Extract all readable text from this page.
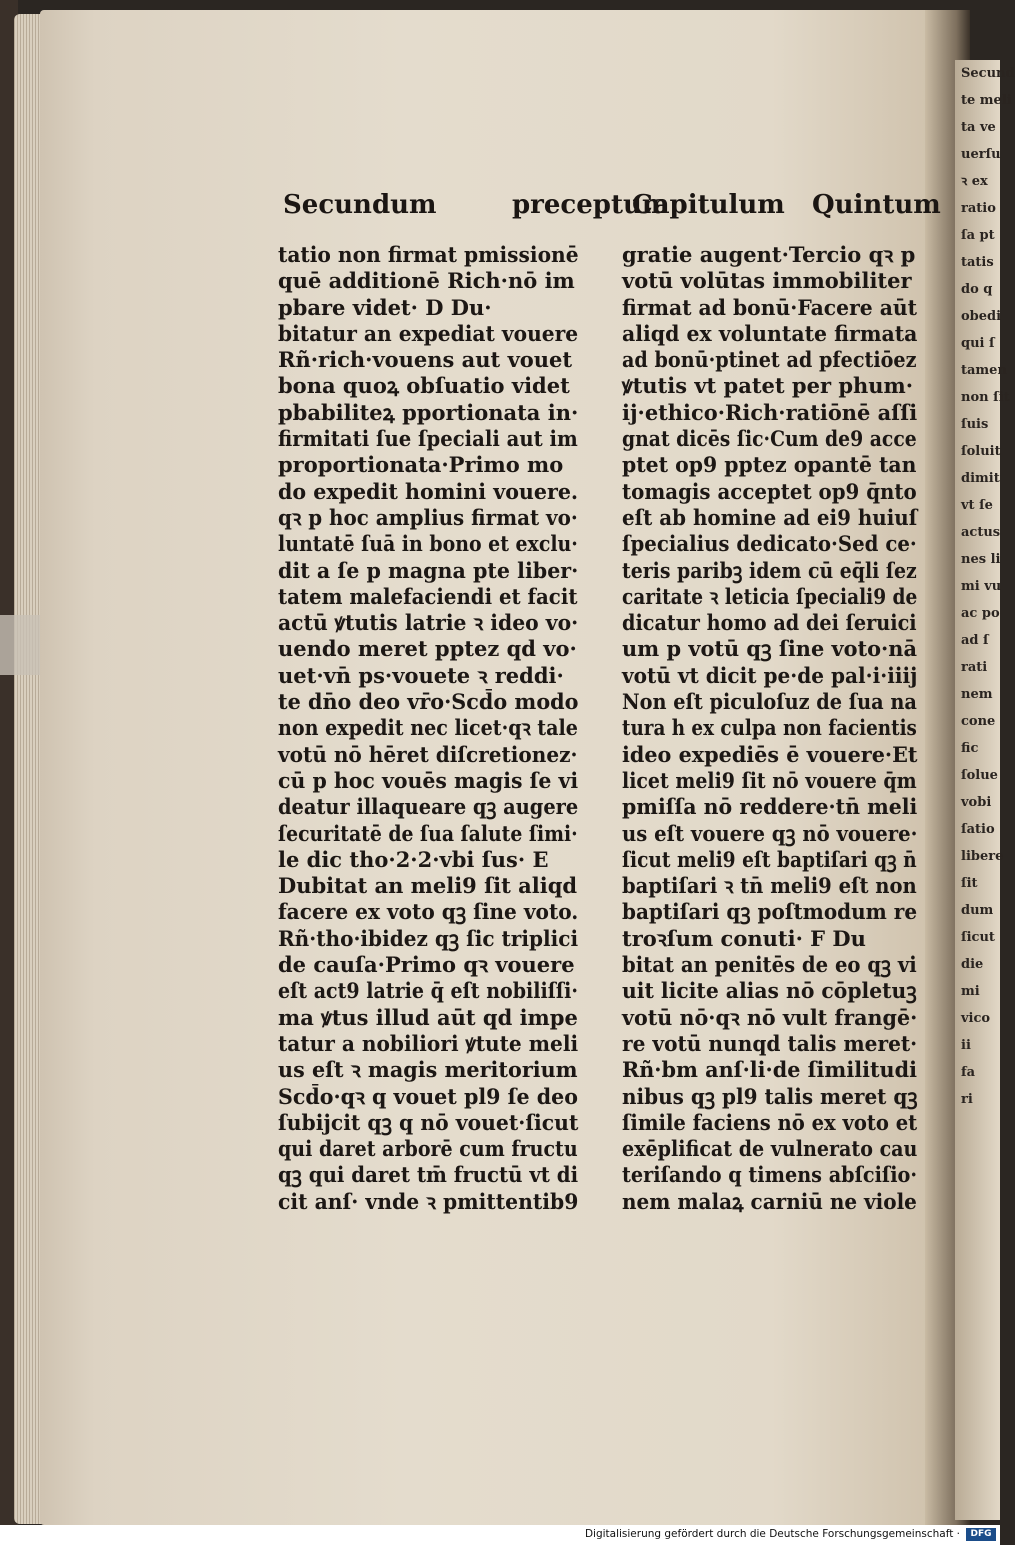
Secund
te meli
ta ve
uerſu
ꝛ ex
ratio
ſa pt
tatis
do q
obedi
qui ſ
tamen
non ſit
ſuis
ſoluit
dimit
vt ſe
actus
nes li
mi vu
ac po
ad ſ
rati
nem
cone
fic
ſolue
vobi
ſatio
libere
ſit
dum
ſicut
die
mi
vico
ii
fa
ri
Secundum	preceptum
Capitulum Quintum
tatio non firmat pmissionē
quē additionē Rich·nō im
pbare videt· D Du·
bitatur an expediat vouere
Rñ·rich·vouens aut vouet
bona quoꝝ obſuatio videt
pbabiliteꝝ pportionata in·
firmitati ſue ſpeciali aut im
proportionata·Primo mo
do expedit homini vouere.
qꝛ p hoc amplius firmat vo·
luntatē ſuā in bono et exclu·
dit a ſe p magna pte liber·
tatem malefaciendi et facit
actū ꝟtutis latrie ꝛ ideo vo·
uendo meret pptez qd vo·
uet·vn̄ ps·vouete ꝛ reddi·
te dn̄o deo vr̄o·Scd̄o modo
non expedit nec licet·qꝛ tale
votū nō hēret diſcretionez·
cū p hoc vouēs magis ſe vi
deatur illaqueare qꝫ augere
ſecuritatē de ſua ſalute ſimi·
le dic tho·2·2·vbi ſus· E
Dubitat an meli9 ſit aliqd
facere ex voto qꝫ ſine voto.
Rñ·tho·ibidez qꝫ ſic triplici
de cauſa·Primo qꝛ vouere
eſt act9 latrie q̄ eſt nobiliſſi·
ma ꝟtus illud aūt qd impe
tatur a nobiliori ꝟtute meli
us eſt ꝛ magis meritorium
Scd̄o·qꝛ q vouet pl9 ſe deo
ſubijcit qꝫ q nō vouet·ſicut
qui daret arborē cum fructu
qꝫ qui daret tm̄ fructū vt di
cit anſ· vnde ꝛ pmittentib9
gratie augent·Tercio qꝛ p
votū volūtas immobiliter
firmat ad bonū·Facere aūt
aliqd ex voluntate firmata
ad bonū·ptinet ad pfectiōez
ꝟtutis vt patet per phum·
ij·ethico·Rich·ratiōnē aſſi
gnat dicēs ſic·Cum de9 acce
ptet op9 pptez opantē tan
tomagis acceptet op9 q̄nto
eſt ab homine ad ei9 huiuſ
ſpecialius dedicato·Sed ce·
teris paribꝫ idem cū eq̄li ſez
caritate ꝛ leticia ſpeciali9 de
dicatur homo ad dei ſeruici
um p votū qꝫ ſine voto·nā
votū vt dicit pe·de pal·i·iiij
Non eſt piculoſuz de ſua na
tura h ex culpa non facientis
ideo expediēs ē vouere·Et
licet meli9 ſit nō vouere q̄m
pmiſſa nō reddere·tn̄ meli
us eſt vouere qꝫ nō vouere·
ſicut meli9 eſt baptiſari qꝫ n̄
baptiſari ꝛ tn̄ meli9 eſt non
baptiſari qꝫ poſtmodum re
troꝛſum conuti· F Du
bitat an penitēs de eo qꝫ vi
uit licite alias nō cōpletuꝫ
votū nō·qꝛ nō vult frangē·
re votū nunqd talis meret·
Rñ·bm anſ·li·de ſimilitudi
nibus qꝫ pl9 talis meret qꝫ
ſimile faciens nō ex voto et
exēplificat de vulnerato cau
teriſando q timens abſciſio·
nem malaꝝ carniū ne viole
Digitalisierung gefördert durch die Deutsche Forschungsgemeinschaft ·	DFG
